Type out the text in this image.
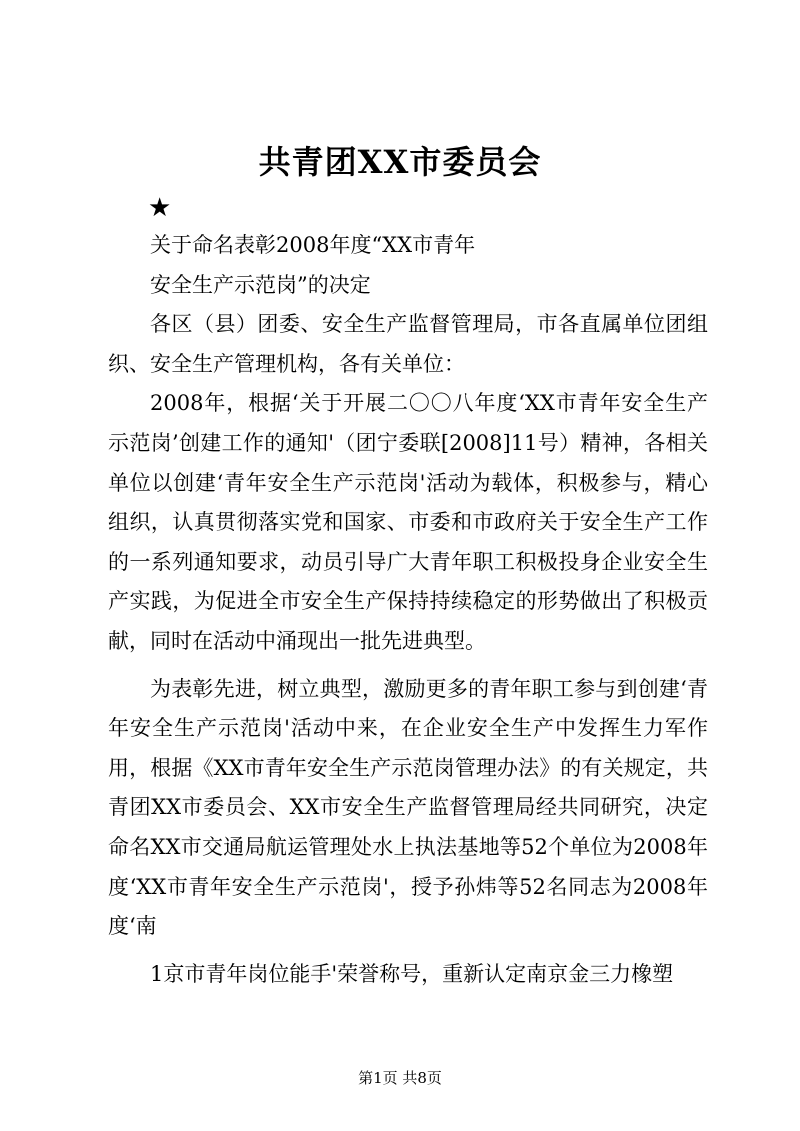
共青团XX市委员会
★

关于命名表彰2008年度“XX市青年

安全生产示范岗”的决定

各区（县）团委、安全生产监督管理局，市各直属单位团组织、安全生产管理机构，各有关单位：

2008年，根据‘关于开展二〇〇八年度‘XX市青年安全生产示范岗’创建工作的通知'（团宁委联[2008]11号）精神，各相关单位以创建‘青年安全生产示范岗'活动为载体，积极参与，精心组织，认真贯彻落实党和国家、市委和市政府关于安全生产工作的一系列通知要求，动员引导广大青年职工积极投身企业安全生产实践，为促进全市安全生产保持持续稳定的形势做出了积极贡献，同时在活动中涌现出一批先进典型。

为表彰先进，树立典型，激励更多的青年职工参与到创建‘青年安全生产示范岗'活动中来，在企业安全生产中发挥生力军作用，根据《XX市青年安全生产示范岗管理办法》的有关规定，共青团XX市委员会、XX市安全生产监督管理局经共同研究，决定命名XX市交通局航运管理处水上执法基地等52个单位为2008年度‘XX市青年安全生产示范岗'，授予孙炜等52名同志为2008年度‘南

1京市青年岗位能手'荣誉称号，重新认定南京金三力橡塑

第1页 共8页
